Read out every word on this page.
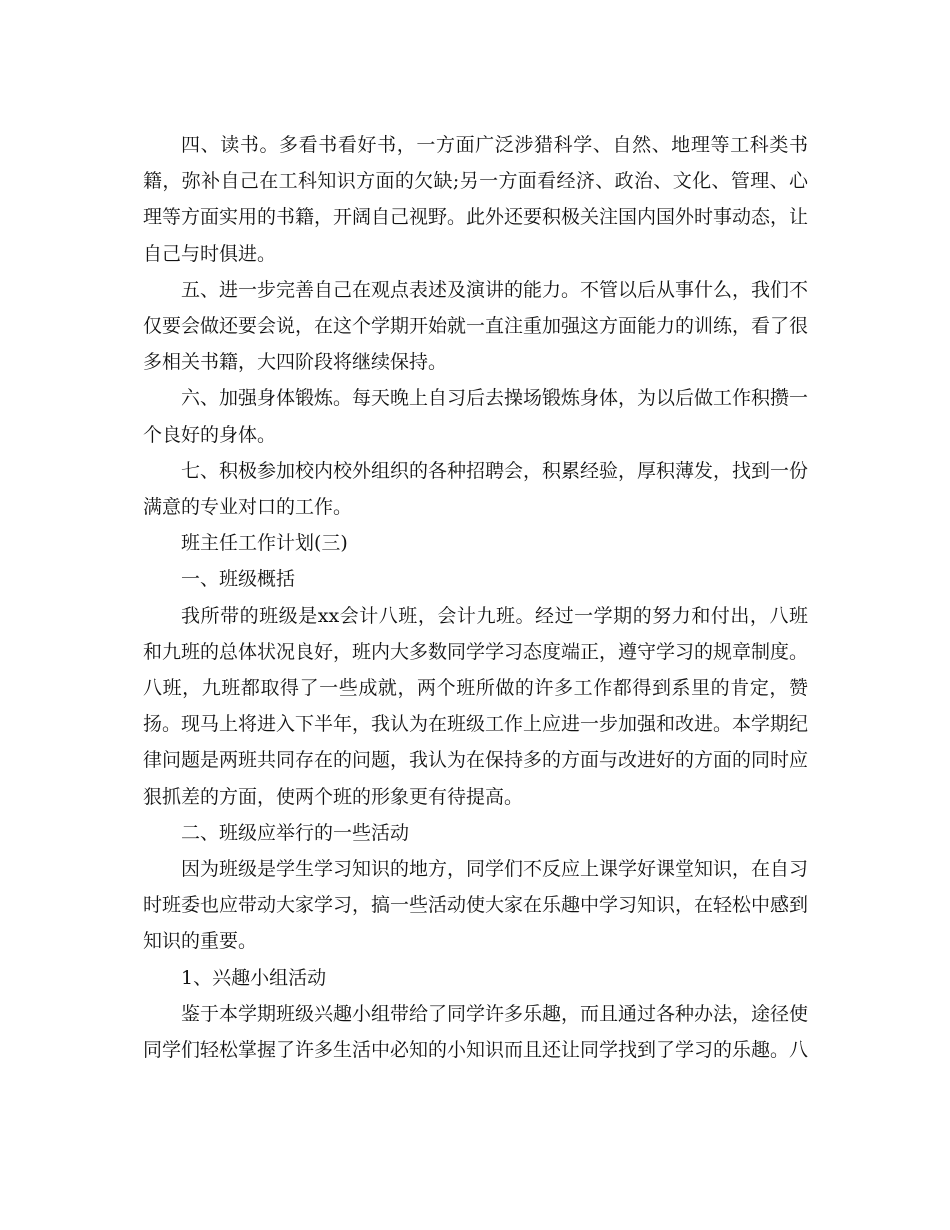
四、读书。多看书看好书，一方面广泛涉猎科学、自然、地理等工科类书籍，弥补自己在工科知识方面的欠缺;另一方面看经济、政治、文化、管理、心理等方面实用的书籍，开阔自己视野。此外还要积极关注国内国外时事动态，让自己与时俱进。

五、进一步完善自己在观点表述及演讲的能力。不管以后从事什么，我们不仅要会做还要会说，在这个学期开始就一直注重加强这方面能力的训练，看了很多相关书籍，大四阶段将继续保持。

六、加强身体锻炼。每天晚上自习后去操场锻炼身体，为以后做工作积攒一个良好的身体。

七、积极参加校内校外组织的各种招聘会，积累经验，厚积薄发，找到一份满意的专业对口的工作。

班主任工作计划(三)

一、班级概括

我所带的班级是xx会计八班，会计九班。经过一学期的努力和付出，八班和九班的总体状况良好，班内大多数同学学习态度端正，遵守学习的规章制度。八班，九班都取得了一些成就，两个班所做的许多工作都得到系里的肯定，赞扬。现马上将进入下半年，我认为在班级工作上应进一步加强和改进。本学期纪律问题是两班共同存在的问题，我认为在保持多的方面与改进好的方面的同时应狠抓差的方面，使两个班的形象更有待提高。

二、班级应举行的一些活动

因为班级是学生学习知识的地方，同学们不反应上课学好课堂知识，在自习时班委也应带动大家学习，搞一些活动使大家在乐趣中学习知识，在轻松中感到知识的重要。

1、兴趣小组活动

鉴于本学期班级兴趣小组带给了同学许多乐趣，而且通过各种办法，途径使同学们轻松掌握了许多生活中必知的小知识而且还让同学找到了学习的乐趣。八
